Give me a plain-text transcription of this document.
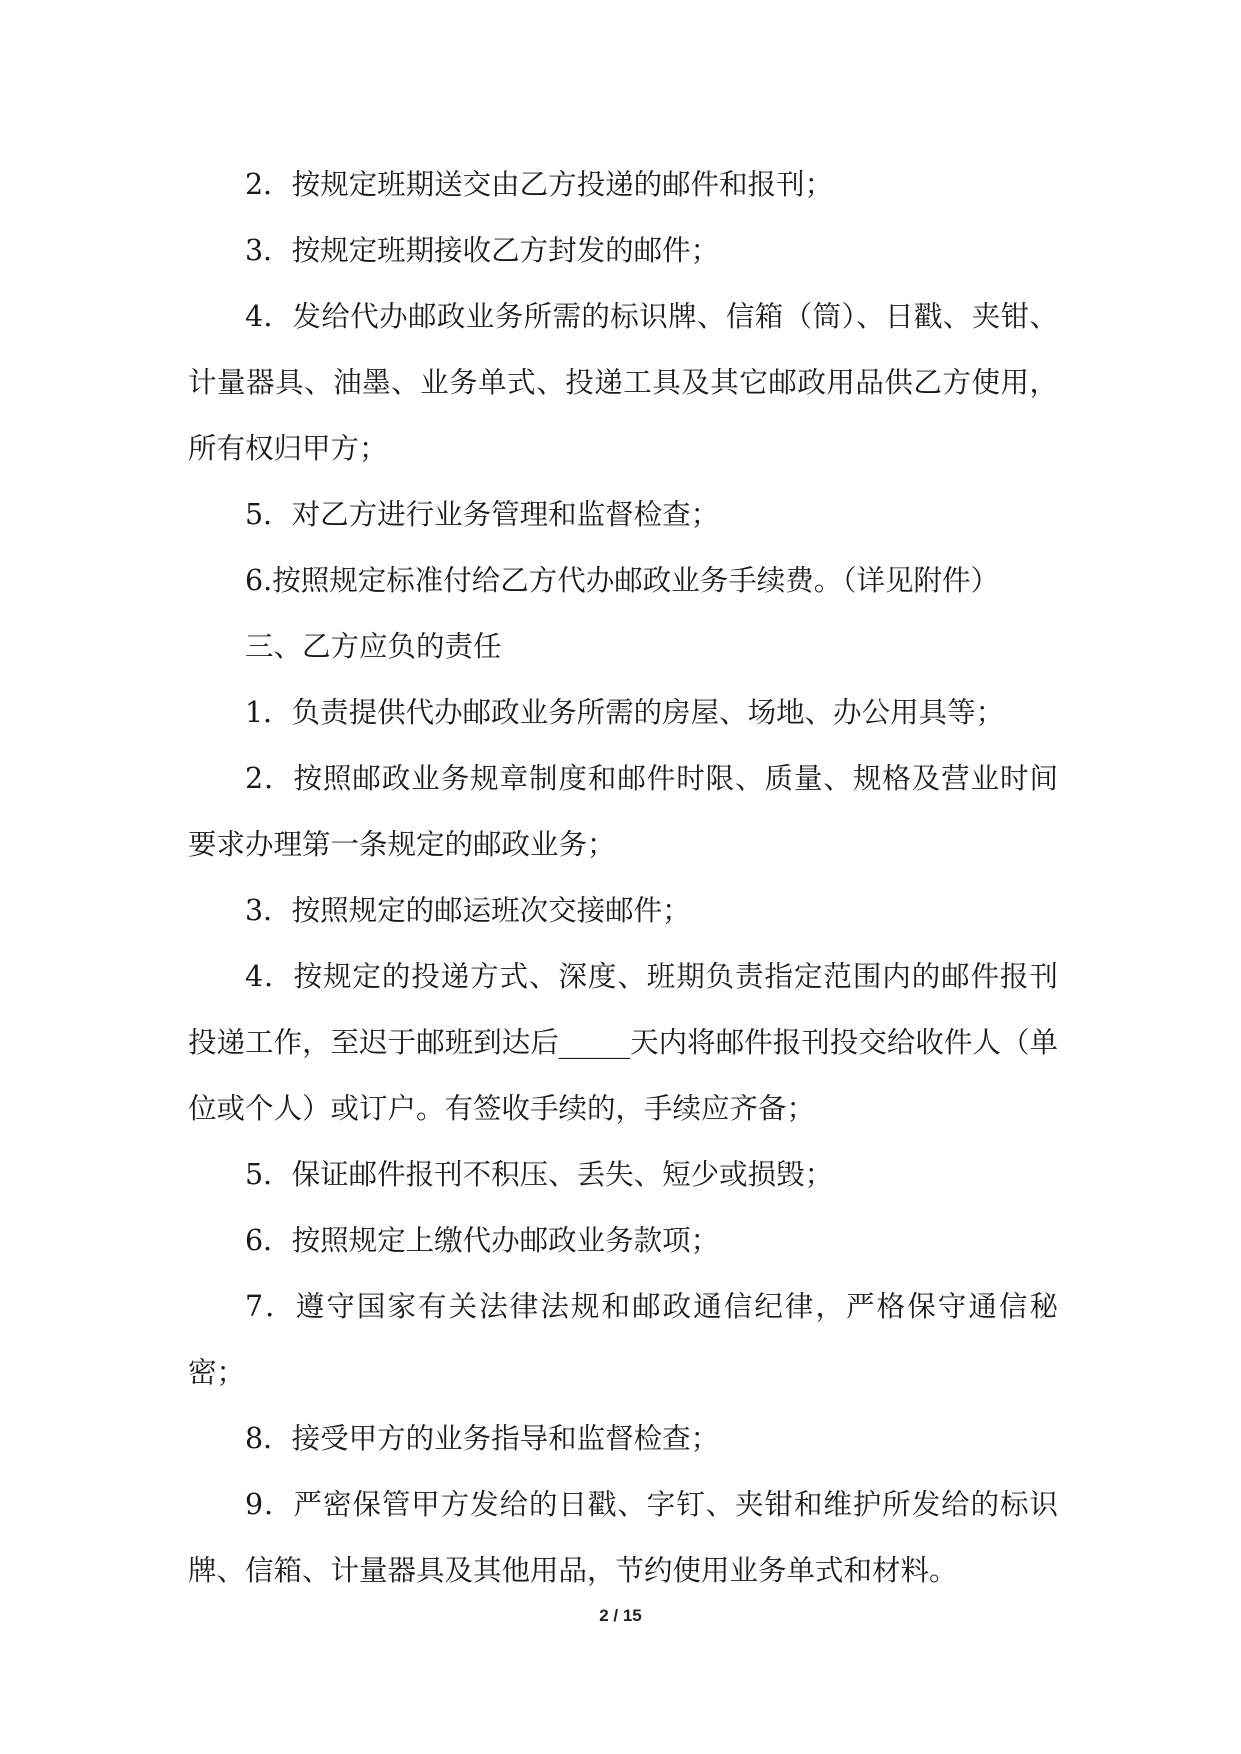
2．按规定班期送交由乙方投递的邮件和报刊；

3．按规定班期接收乙方封发的邮件；

4．发给代办邮政业务所需的标识牌、信箱（筒）、日戳、夹钳、计量器具、油墨、业务单式、投递工具及其它邮政用品供乙方使用，所有权归甲方；

5．对乙方进行业务管理和监督检查；

6.按照规定标准付给乙方代办邮政业务手续费。（详见附件）

三、乙方应负的责任

1．负责提供代办邮政业务所需的房屋、场地、办公用具等；

2．按照邮政业务规章制度和邮件时限、质量、规格及营业时间要求办理第一条规定的邮政业务；

3．按照规定的邮运班次交接邮件；

4．按规定的投递方式、深度、班期负责指定范围内的邮件报刊投递工作，至迟于邮班到达后_____天内将邮件报刊投交给收件人（单位或个人）或订户。有签收手续的，手续应齐备；

5．保证邮件报刊不积压、丢失、短少或损毁；

6．按照规定上缴代办邮政业务款项；

7．遵守国家有关法律法规和邮政通信纪律，严格保守通信秘密；

8．接受甲方的业务指导和监督检查；

9．严密保管甲方发给的日戳、字钉、夹钳和维护所发给的标识牌、信箱、计量器具及其他用品，节约使用业务单式和材料。

2 / 15
